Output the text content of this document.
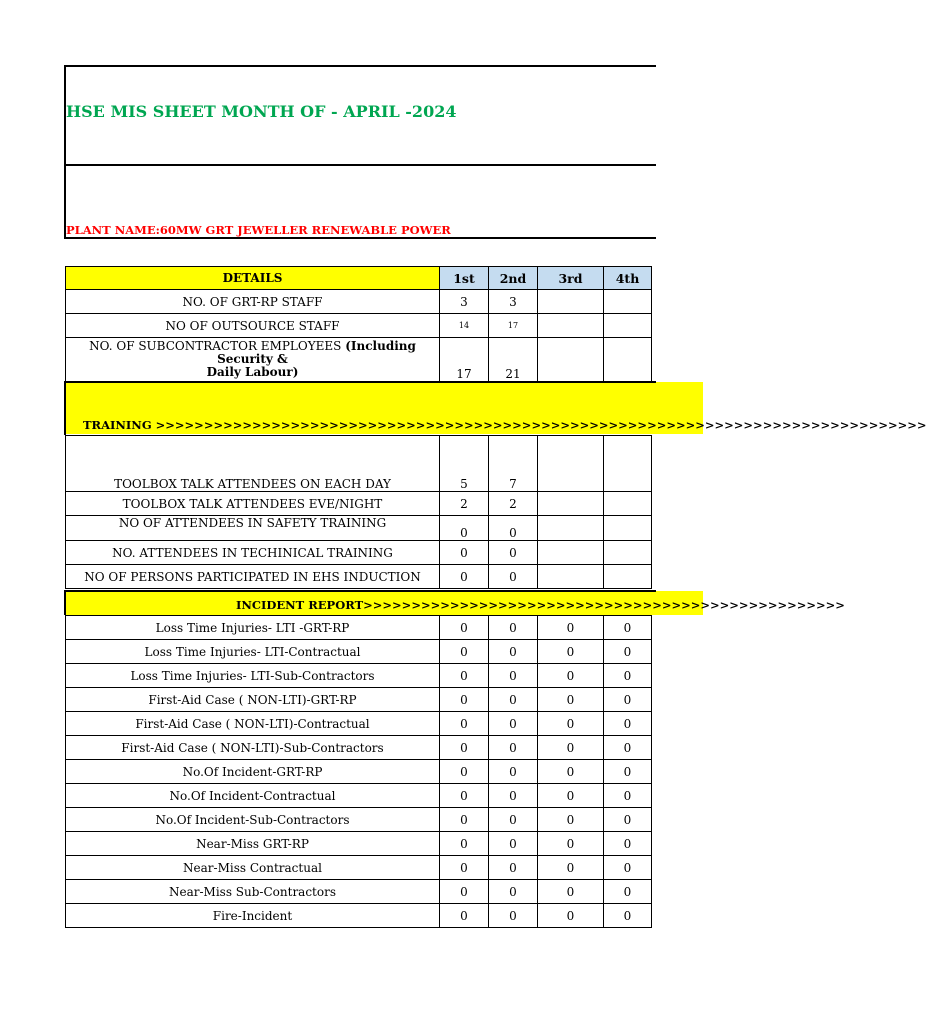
HSE MIS SHEET MONTH OF - APRIL -2024
PLANT NAME:60MW GRT JEWELLER RENEWABLE POWER
DETAILS	1st	2nd	3rd	4th
NO. OF GRT-RP STAFF	3	3		
NO OF OUTSOURCE STAFF	14	17		
NO. OF SUBCONTRACTOR EMPLOYEES (Including Security &
Daily Labour)	17	21		
TRAINING >>>>>>>>>>>>>>>>>>>>>>>>>>>>>>>>>>>>>>>>>>>>>>>>>>>>>>>>>>>>>>>>>>>>>>>>>>>>>>>>
TOOLBOX TALK ATTENDEES ON EACH DAY	5	7		
TOOLBOX TALK ATTENDEES EVE/NIGHT	2	2		
NO OF ATTENDEES IN SAFETY TRAINING	0	0		
NO. ATTENDEES IN TECHINICAL TRAINING	0	0		
NO OF PERSONS PARTICIPATED IN EHS INDUCTION	0	0		
INCIDENT REPORT>>>>>>>>>>>>>>>>>>>>>>>>>>>>>>>>>>>>>>>>>>>>>>>>>>
Loss Time Injuries- LTI -GRT-RP	0	0	0	0
Loss Time Injuries- LTI-Contractual	0	0	0	0
Loss Time Injuries- LTI-Sub-Contractors	0	0	0	0
First-Aid Case ( NON-LTI)-GRT-RP	0	0	0	0
First-Aid Case ( NON-LTI)-Contractual	0	0	0	0
First-Aid Case ( NON-LTI)-Sub-Contractors	0	0	0	0
No.Of Incident-GRT-RP	0	0	0	0
No.Of Incident-Contractual	0	0	0	0
No.Of Incident-Sub-Contractors	0	0	0	0
Near-Miss GRT-RP	0	0	0	0
Near-Miss Contractual	0	0	0	0
Near-Miss Sub-Contractors	0	0	0	0
Fire-Incident	0	0	0	0
